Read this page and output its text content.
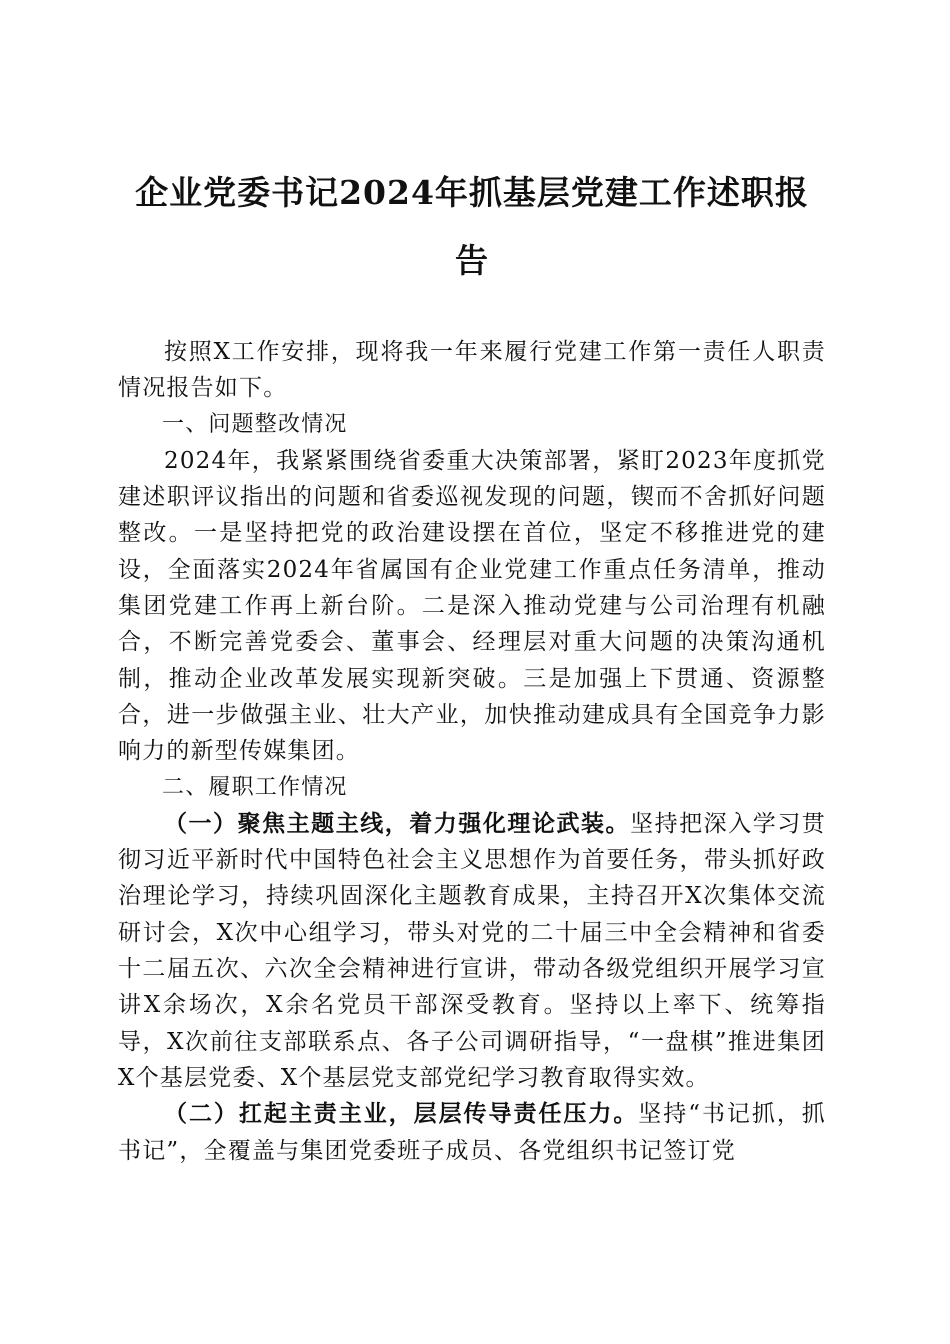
企业党委书记2024年抓基层党建工作述职报
告

按照X工作安排，现将我一年来履行党建工作第一责任人职责情况报告如下。

一、问题整改情况

2024年，我紧紧围绕省委重大决策部署，紧盯2023年度抓党建述职评议指出的问题和省委巡视发现的问题，锲而不舍抓好问题整改。一是坚持把党的政治建设摆在首位，坚定不移推进党的建设，全面落实2024年省属国有企业党建工作重点任务清单，推动集团党建工作再上新台阶。二是深入推动党建与公司治理有机融合，不断完善党委会、董事会、经理层对重大问题的决策沟通机制，推动企业改革发展实现新突破。三是加强上下贯通、资源整合，进一步做强主业、壮大产业，加快推动建成具有全国竞争力影响力的新型传媒集团。

二、履职工作情况

（一）聚焦主题主线，着力强化理论武装。坚持把深入学习贯彻习近平新时代中国特色社会主义思想作为首要任务，带头抓好政治理论学习，持续巩固深化主题教育成果，主持召开X次集体交流研讨会，X次中心组学习，带头对党的二十届三中全会精神和省委十二届五次、六次全会精神进行宣讲，带动各级党组织开展学习宣讲X余场次，X余名党员干部深受教育。坚持以上率下、统筹指导，X次前往支部联系点、各子公司调研指导，“一盘棋”推进集团X个基层党委、X个基层党支部党纪学习教育取得实效。

（二）扛起主责主业，层层传导责任压力。坚持“书记抓，抓书记”，全覆盖与集团党委班子成员、各党组织书记签订党
